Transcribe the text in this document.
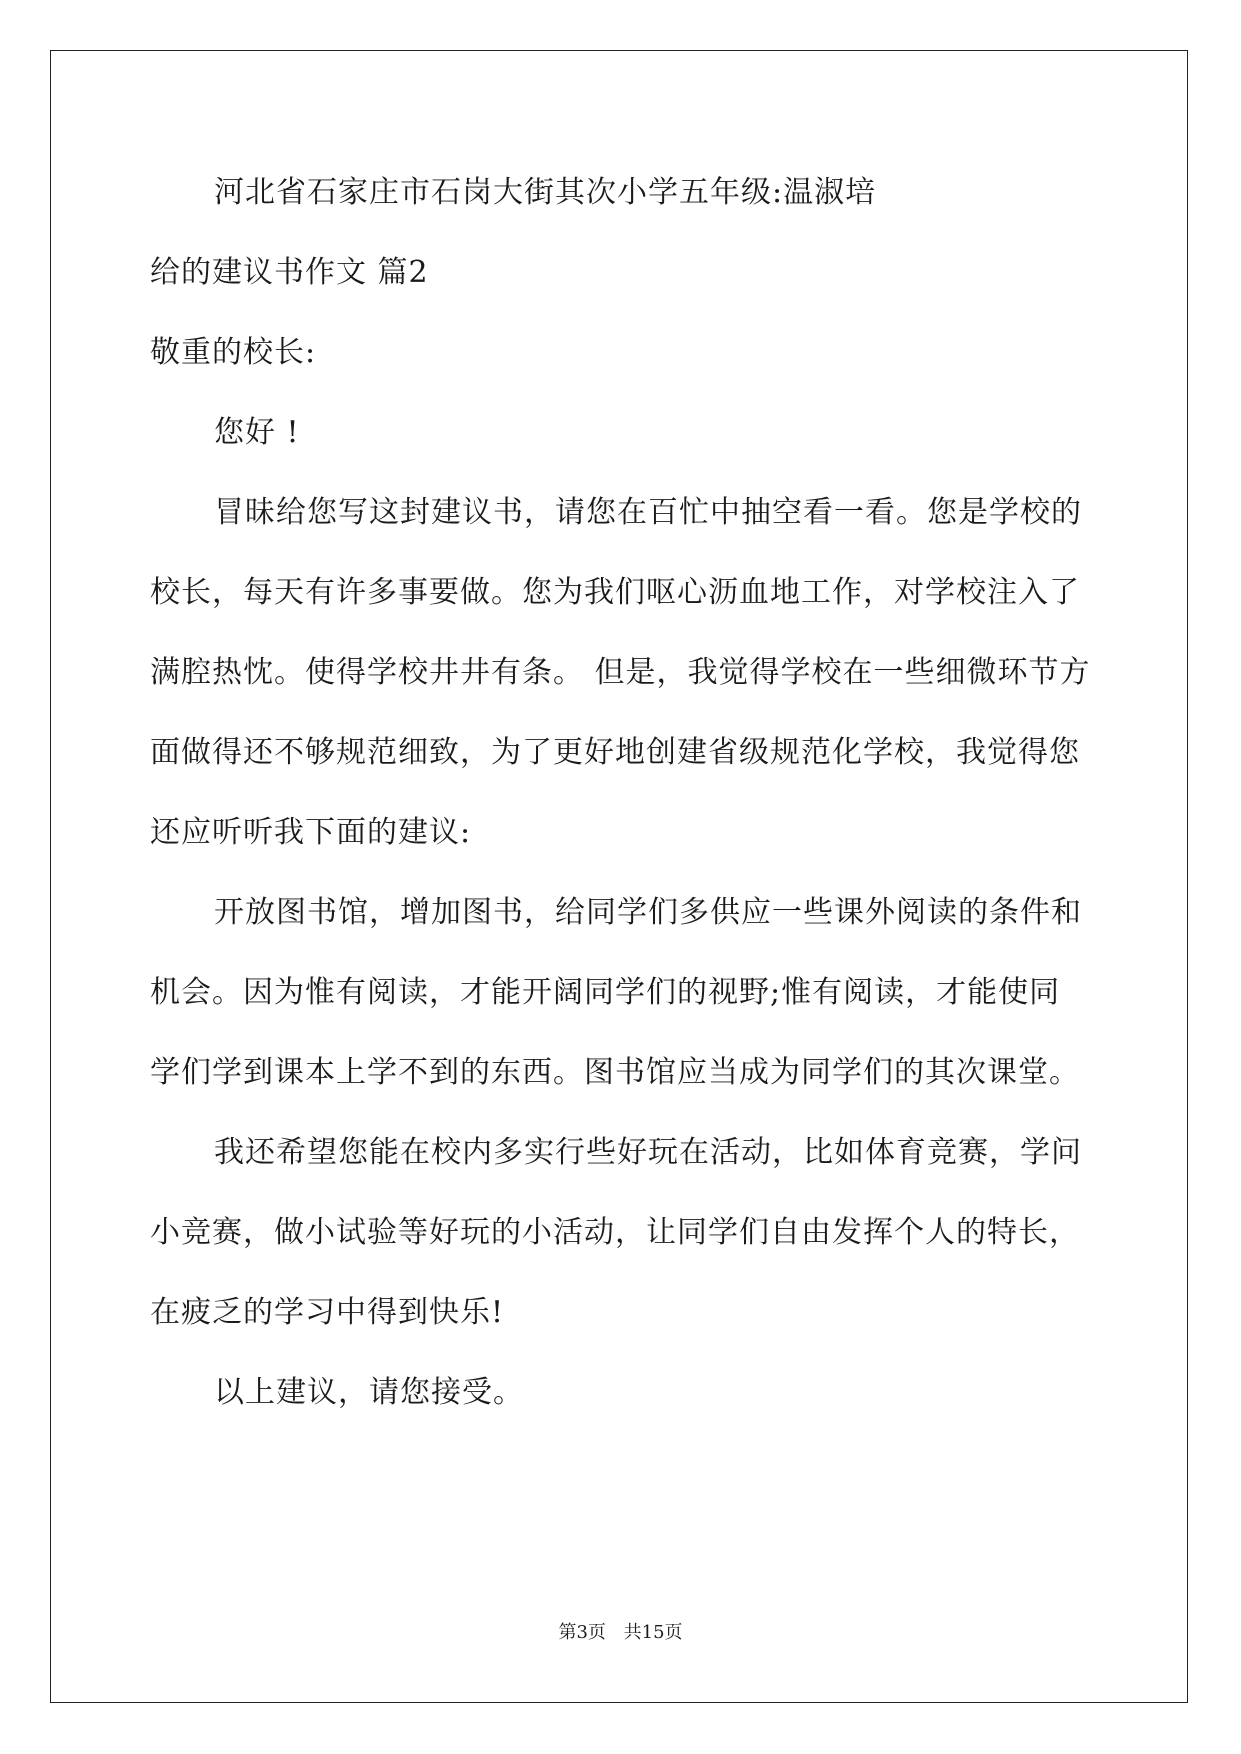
河北省石家庄市石岗大街其次小学五年级:温淑培
给的建议书作文 篇2
敬重的校长:
您好 !
冒昧给您写这封建议书，请您在百忙中抽空看一看。您是学校的
校长，每天有许多事要做。您为我们呕心沥血地工作，对学校注入了
满腔热忱。使得学校井井有条。 但是，我觉得学校在一些细微环节方
面做得还不够规范细致，为了更好地创建省级规范化学校，我觉得您
还应听听我下面的建议:
开放图书馆，增加图书，给同学们多供应一些课外阅读的条件和
机会。因为惟有阅读，才能开阔同学们的视野;惟有阅读，才能使同
学们学到课本上学不到的东西。图书馆应当成为同学们的其次课堂。
我还希望您能在校内多实行些好玩在活动，比如体育竞赛，学问
小竞赛，做小试验等好玩的小活动，让同学们自由发挥个人的特长，
在疲乏的学习中得到快乐!
以上建议，请您接受。
第3页 共15页
